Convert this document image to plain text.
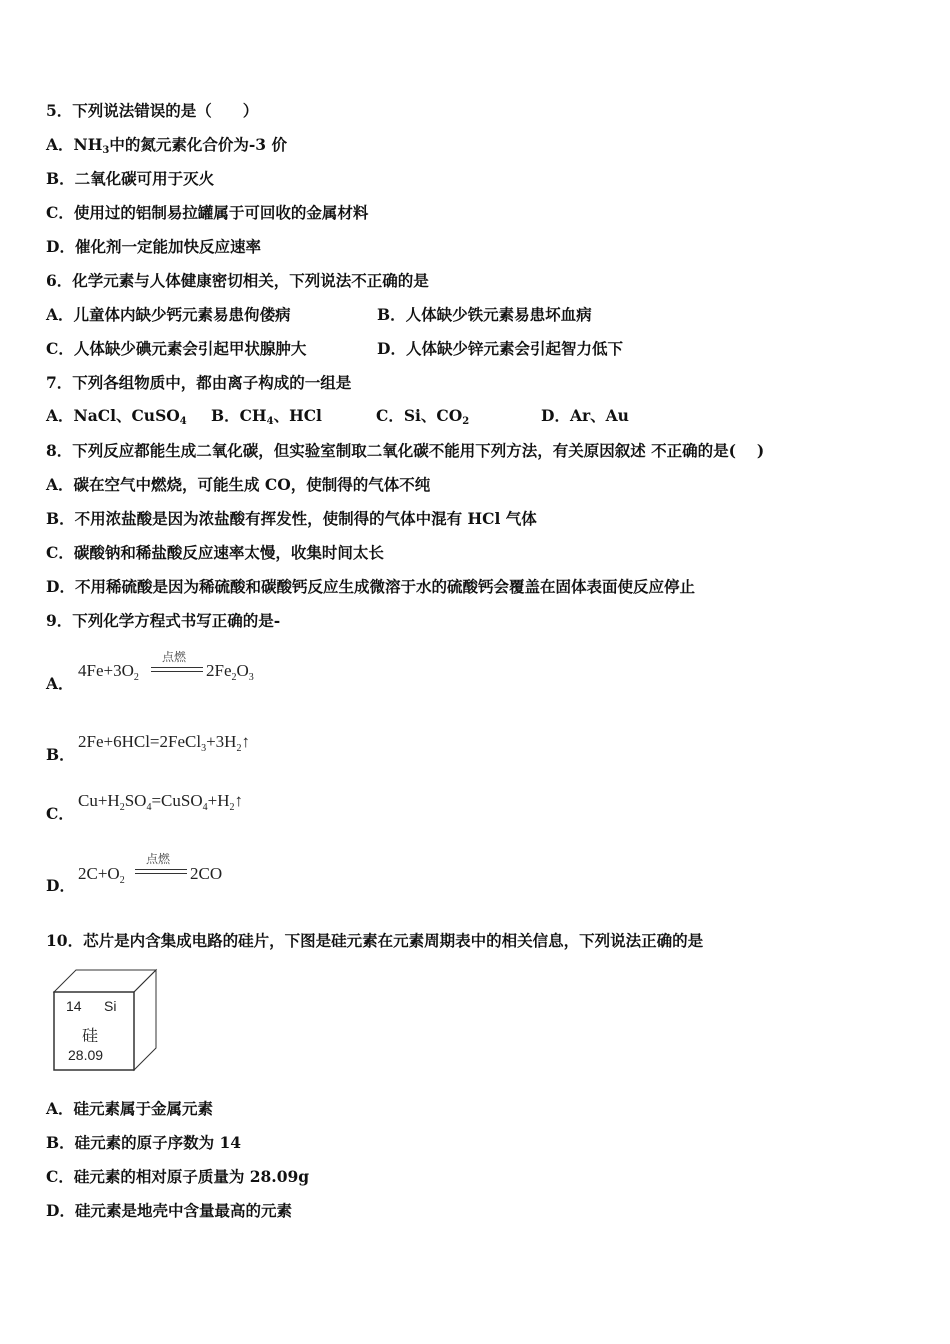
5．下列说法错误的是（　　）
A．$NH_3$中的氮元素化合价为-3 价
B．二氧化碳可用于灭火
C．使用过的铝制易拉罐属于可回收的金属材料
D．催化剂一定能加快反应速率
6．化学元素与人体健康密切相关，下列说法不正确的是
A．儿童体内缺少钙元素易患佝偻病	B．人体缺少铁元素易患坏血病
C．人体缺少碘元素会引起甲状腺肿大	D．人体缺少锌元素会引起智力低下
7．下列各组物质中，都由离子构成的一组是
A．NaCl、CuSO$_4$ B．$CH_4$、HCl	C．Si、$CO_2$	D．Ar、Au
8．下列反应都能生成二氧化碳，但实验室制取二氧化碳不能用下列方法，有关原因叙述 不正确的是(　 )
A．碳在空气中燃烧，可能生成 CO，使制得的气体不纯
B．不用浓盐酸是因为浓盐酸有挥发性，使制得的气体中混有 HCl 气体
C．碳酸钠和稀盐酸反应速率太慢，收集时间太长
D．不用稀硫酸是因为稀硫酸和碳酸钙反应生成微溶于水的硫酸钙会覆盖在固体表面使反应停止
9．下列化学方程式书写正确的是-
A．
$4Fe+3O_2$
点燃
$2Fe_2O_3$
B．
$2Fe+6HCl=2FeCl_3+3H_2↑$
C．
$Cu+H_2SO_4=CuSO_4+H_2↑$
D．
$2C+O_2$
点燃
2CO
10．芯片是内含集成电路的硅片，下图是硅元素在元素周期表中的相关信息，下列说法正确的是
14 Si
硅
28.09
A．硅元素属于金属元素
B．硅元素的原子序数为 14
C．硅元素的相对原子质量为 28.09g
D．硅元素是地壳中含量最高的元素
